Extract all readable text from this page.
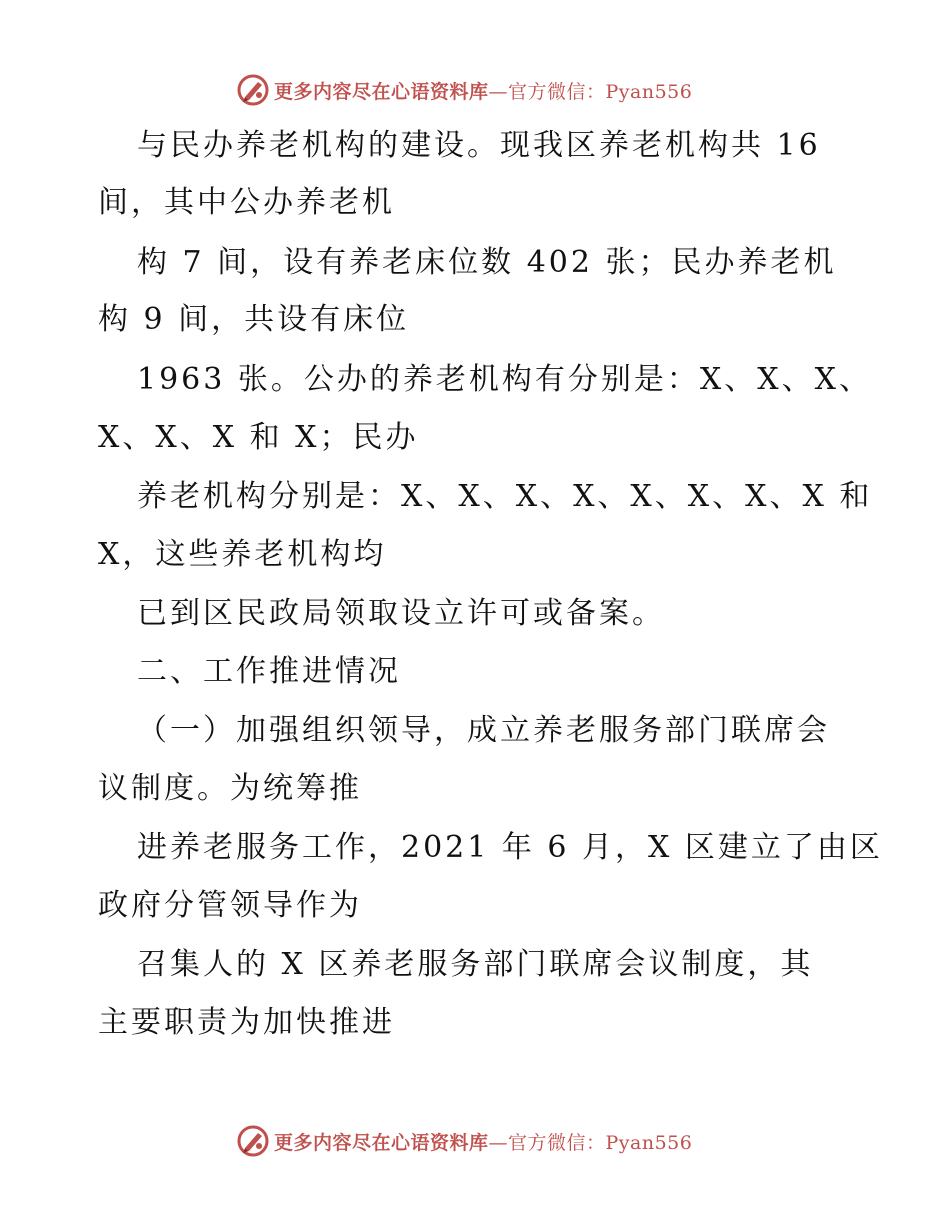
更多内容尽在心语资料库—官方微信：Pyan556
与民办养老机构的建设。现我区养老机构共 16
间，其中公办养老机
构 7 间，设有养老床位数 402 张；民办养老机
构 9 间，共设有床位
1963 张。公办的养老机构有分别是：X、X、X、
X、X、X 和 X；民办
养老机构分别是：X、X、X、X、X、X、X、X 和
X，这些养老机构均
已到区民政局领取设立许可或备案。
二、工作推进情况
（一）加强组织领导，成立养老服务部门联席会
议制度。为统筹推
进养老服务工作，2021 年 6 月，X 区建立了由区
政府分管领导作为
召集人的 X 区养老服务部门联席会议制度，其
主要职责为加快推进
更多内容尽在心语资料库—官方微信：Pyan556
